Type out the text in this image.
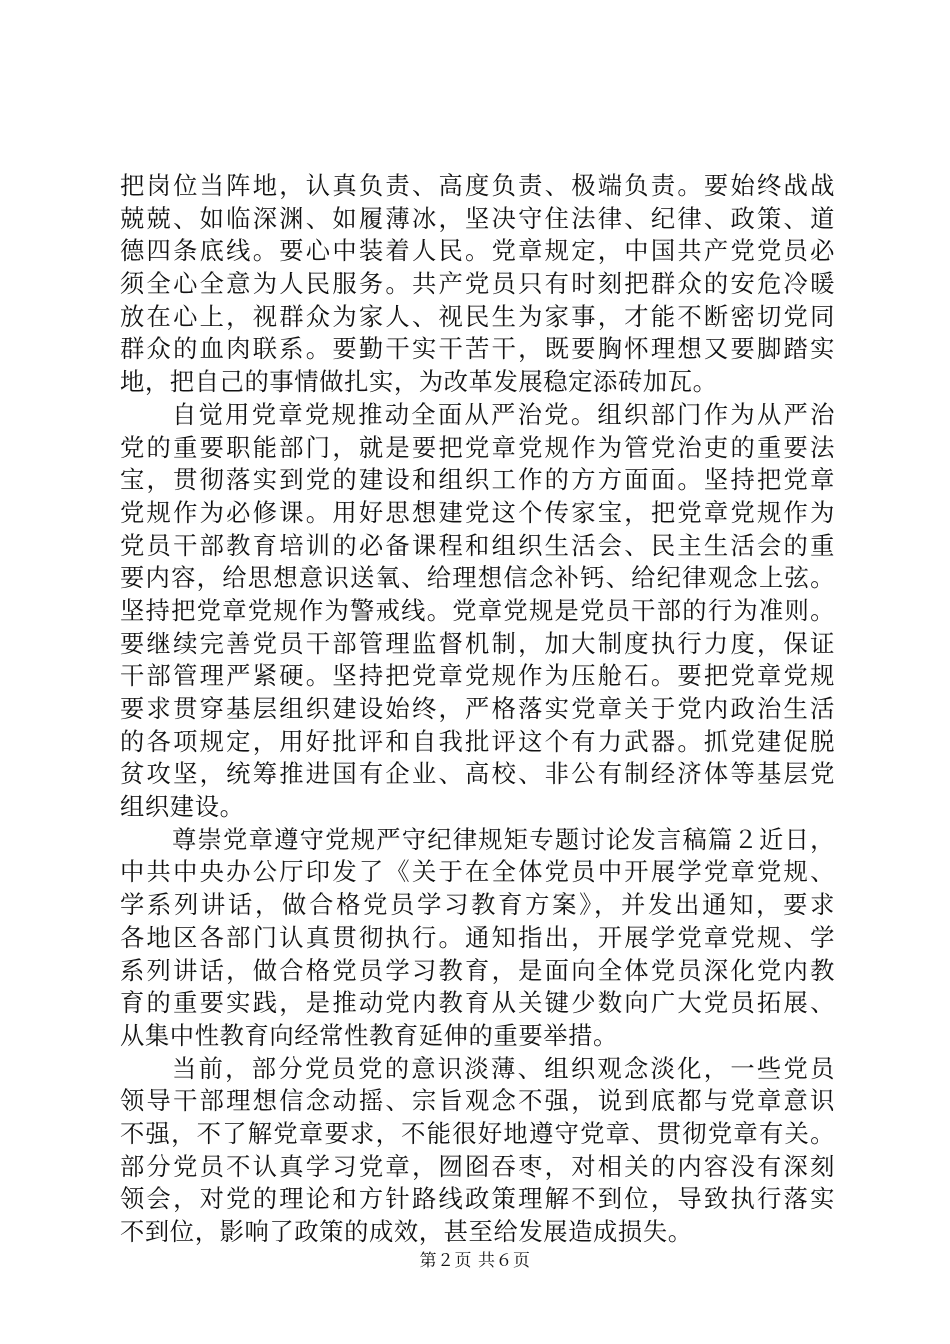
把岗位当阵地，认真负责、高度负责、极端负责。要始终战战
兢兢、如临深渊、如履薄冰，坚决守住法律、纪律、政策、道
德四条底线。要心中装着人民。党章规定，中国共产党党员必
须全心全意为人民服务。共产党员只有时刻把群众的安危冷暖
放在心上，视群众为家人、视民生为家事，才能不断密切党同
群众的血肉联系。要勤干实干苦干，既要胸怀理想又要脚踏实
地，把自己的事情做扎实，为改革发展稳定添砖加瓦。
自觉用党章党规推动全面从严治党。组织部门作为从严治
党的重要职能部门，就是要把党章党规作为管党治吏的重要法
宝，贯彻落实到党的建设和组织工作的方方面面。坚持把党章
党规作为必修课。用好思想建党这个传家宝，把党章党规作为
党员干部教育培训的必备课程和组织生活会、民主生活会的重
要内容，给思想意识送氧、给理想信念补钙、给纪律观念上弦。
坚持把党章党规作为警戒线。党章党规是党员干部的行为准则。
要继续完善党员干部管理监督机制，加大制度执行力度，保证
干部管理严紧硬。坚持把党章党规作为压舱石。要把党章党规
要求贯穿基层组织建设始终，严格落实党章关于党内政治生活
的各项规定，用好批评和自我批评这个有力武器。抓党建促脱
贫攻坚，统筹推进国有企业、高校、非公有制经济体等基层党
组织建设。
尊崇党章遵守党规严守纪律规矩专题讨论发言稿篇２近日，
中共中央办公厅印发了《关于在全体党员中开展学党章党规、
学系列讲话，做合格党员学习教育方案》，并发出通知，要求
各地区各部门认真贯彻执行。通知指出，开展学党章党规、学
系列讲话，做合格党员学习教育，是面向全体党员深化党内教
育的重要实践，是推动党内教育从关键少数向广大党员拓展、
从集中性教育向经常性教育延伸的重要举措。
当前，部分党员党的意识淡薄、组织观念淡化，一些党员
领导干部理想信念动摇、宗旨观念不强，说到底都与党章意识
不强，不了解党章要求，不能很好地遵守党章、贯彻党章有关。
部分党员不认真学习党章，囫囵吞枣，对相关的内容没有深刻
领会，对党的理论和方针路线政策理解不到位，导致执行落实
不到位，影响了政策的成效，甚至给发展造成损失。
第２页 共６页
